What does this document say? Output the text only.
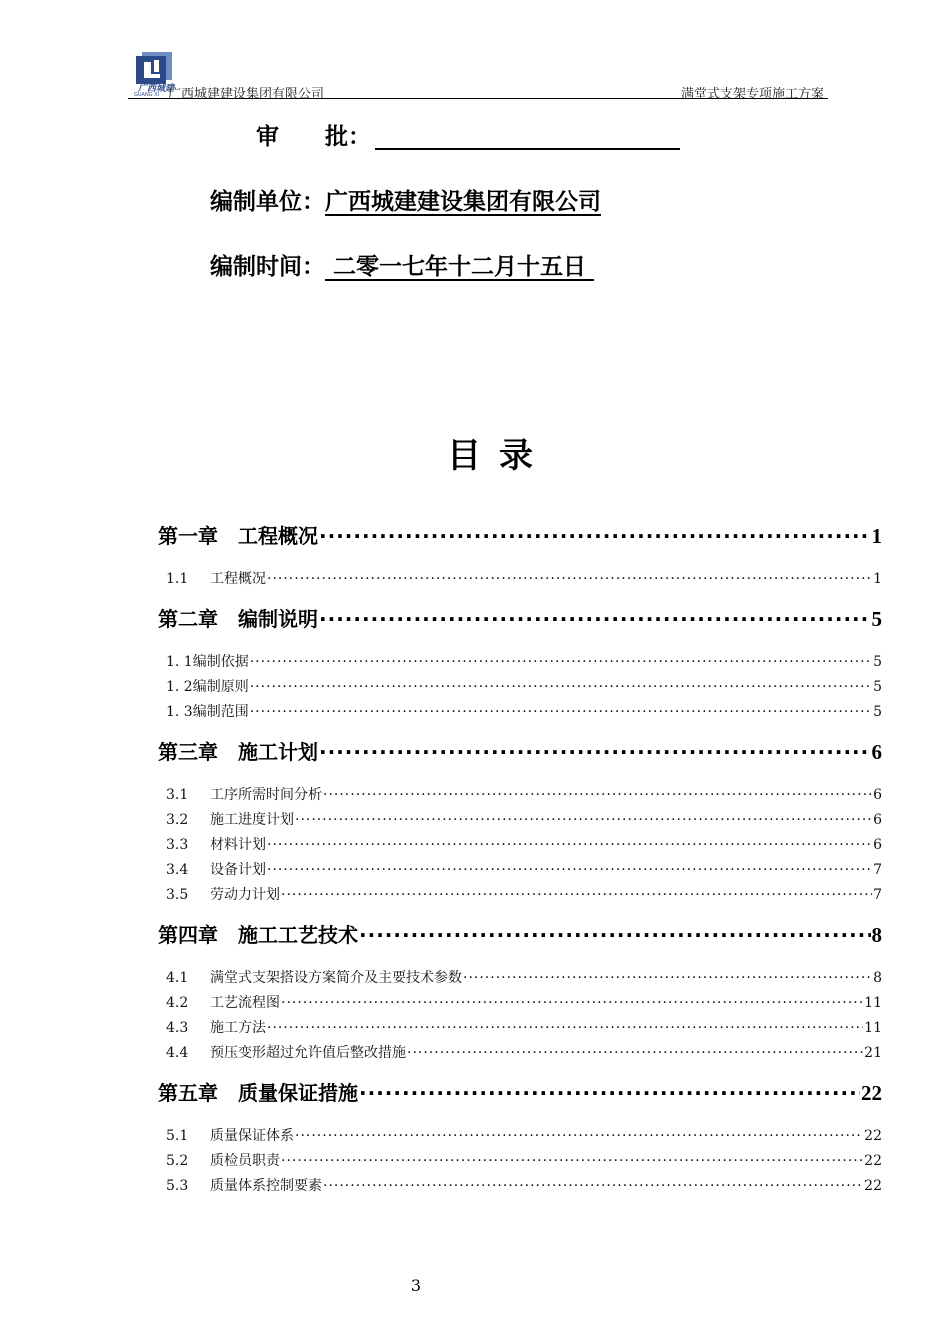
广西城建
GUANG XI 广西城建建设集团有限公司	满堂式支架专项施工方案
审　　批：
编制单位：广西城建建设集团有限公司
编制时间： 二零一七年十二月十五日
目录
第一章　工程概况 ·····	1
1.1	工程概况 ·····	1
第二章　编制说明 ·····	5
1. 1 编制依据 ·····	5
1. 2 编制原则 ·····	5
1. 3 编制范围 ·····	5
第三章　施工计划 ·····	6
3.1	工序所需时间分析 ·····	6
3.2	施工进度计划 ·····	6
3.3	材料计划 ·····	6
3.4	设备计划 ·····	7
3.5	劳动力计划 ·····	7
第四章　施工工艺技术 ·····	8
4.1	满堂式支架搭设方案简介及主要技术参数 ·····	8
4.2	工艺流程图 ·····	11
4.3	施工方法 ·····	11
4.4	预压变形超过允许值后整改措施 ·····	21
第五章　质量保证措施 ·····	22
5.1	质量保证体系 ·····	22
5.2	质检员职责 ·····	22
5.3	质量体系控制要素 ·····	22
3
